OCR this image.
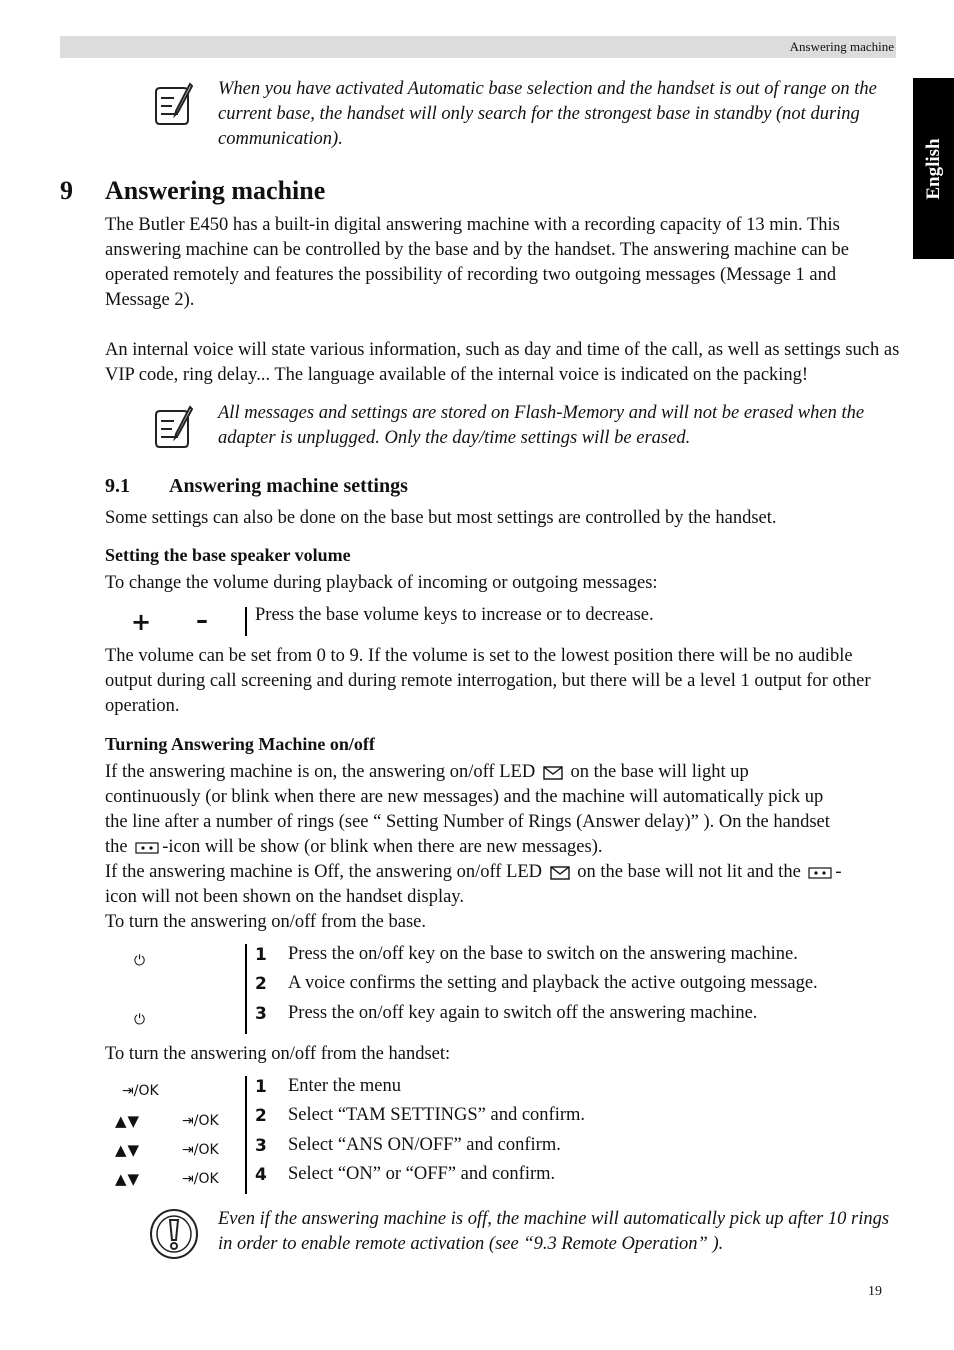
Answering machine
English
When you have activated Automatic base selection and the handset is out of range on the current base, the handset will only search for the strongest base in standby (not during communication).
9 Answering machine

The Butler E450 has a built-in digital answering machine with a recording capacity of 13 min. This answering machine can be controlled by the base and by the handset. The answering machine can be operated remotely and features the possibility of recording two outgoing messages (Message 1 and Message 2).

An internal voice will state various information, such as day and time of the call, as well as settings such as VIP code, ring delay... The language available of the internal voice is indicated on the packing!

All messages and settings are stored on Flash-Memory and will not be erased when the adapter is unplugged. Only the day/time settings will be erased.
9.1 Answering machine settings
Some settings can also be done on the base but most settings are controlled by the handset.
Setting the base speaker volume
To change the volume during playback of incoming or outgoing messages:
+ –	Press the base volume keys to increase or to decrease.
The volume can be set from 0 to 9. If the volume is set to the lowest position there will be no audible output during call screening and during remote interrogation, but there will be a level 1 output for other operation.
Turning Answering Machine on/off
If the answering machine is on, the answering on/off LED on the base will light up
continuously (or blink when there are new messages) and the machine will automatically pick up
the line after a number of rings (see “ Setting Number of Rings (Answer delay)” ). On the handset
the -icon will be show (or blink when there are new messages).
If the answering machine is Off, the answering on/off LED on the base will not lit and the -
icon will not been shown on the handset display.
To turn the answering on/off from the base.
⏻
⏻
1 Press the on/off key on the base to switch on the answering machine.
2 A voice confirms the setting and playback the active outgoing message.
3 Press the on/off key again to switch off the answering machine.
To turn the answering on/off from the handset:
⇥/OK
▲▼	⇥/OK
▲▼	⇥/OK
▲▼	⇥/OK
1 Enter the menu
2 Select “TAM SETTINGS” and confirm.
3 Select “ANS ON/OFF” and confirm.
4 Select “ON” or “OFF” and confirm.
Even if the answering machine is off, the machine will automatically pick up after 10 rings in order to enable remote activation (see “9.3 Remote Operation” ).
19
